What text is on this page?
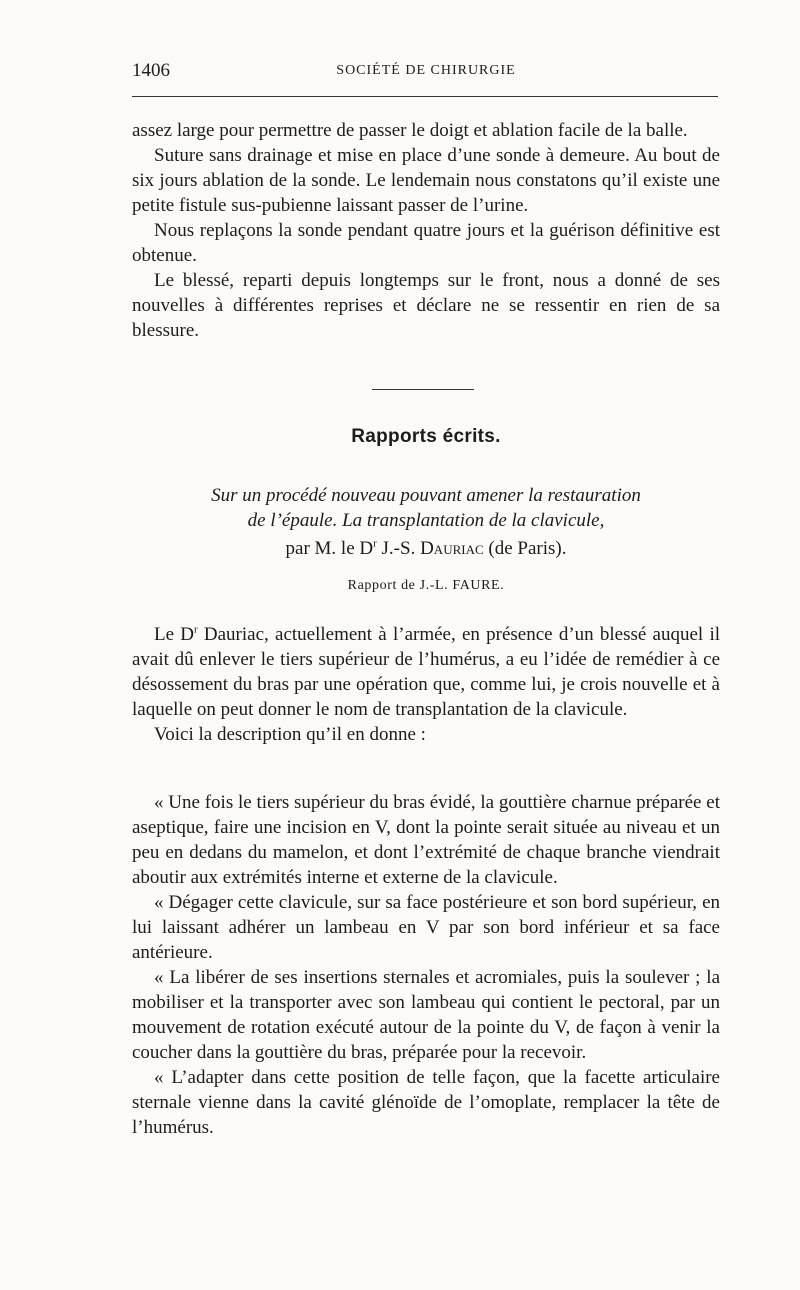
1406	SOCIÉTÉ DE CHIRURGIE

assez large pour permettre de passer le doigt et ablation facile de la balle.

Suture sans drainage et mise en place d’une sonde à demeure. Au bout de six jours ablation de la sonde. Le lendemain nous constatons qu’il existe une petite fistule sus-pubienne laissant passer de l’urine.

Nous replaçons la sonde pendant quatre jours et la guérison définitive est obtenue.

Le blessé, reparti depuis longtemps sur le front, nous a donné de ses nouvelles à différentes reprises et déclare ne se ressentir en rien de sa blessure.

Rapports écrits.
Sur un procédé nouveau pouvant amener la restauration
de l’épaule. La transplantation de la clavicule,
par M. le $D^r$ J.-S. Dauriac (de Paris).
Rapport de J.-L. FAURE.

Le $D^r$ Dauriac, actuellement à l’armée, en présence d’un blessé auquel il avait dû enlever le tiers supérieur de l’humérus, a eu l’idée de remédier à ce désossement du bras par une opération que, comme lui, je crois nouvelle et à laquelle on peut donner le nom de transplantation de la clavicule.

Voici la description qu’il en donne :

« Une fois le tiers supérieur du bras évidé, la gouttière charnue préparée et aseptique, faire une incision en V, dont la pointe serait située au niveau et un peu en dedans du mamelon, et dont l’extrémité de chaque branche viendrait aboutir aux extrémités interne et externe de la clavicule.

« Dégager cette clavicule, sur sa face postérieure et son bord supérieur, en lui laissant adhérer un lambeau en V par son bord inférieur et sa face antérieure.

« La libérer de ses insertions sternales et acromiales, puis la soulever ; la mobiliser et la transporter avec son lambeau qui contient le pectoral, par un mouvement de rotation exécuté autour de la pointe du V, de façon à venir la coucher dans la gouttière du bras, préparée pour la recevoir.

« L’adapter dans cette position de telle façon, que la facette articulaire sternale vienne dans la cavité glénoïde de l’omoplate, remplacer la tête de l’humérus.
